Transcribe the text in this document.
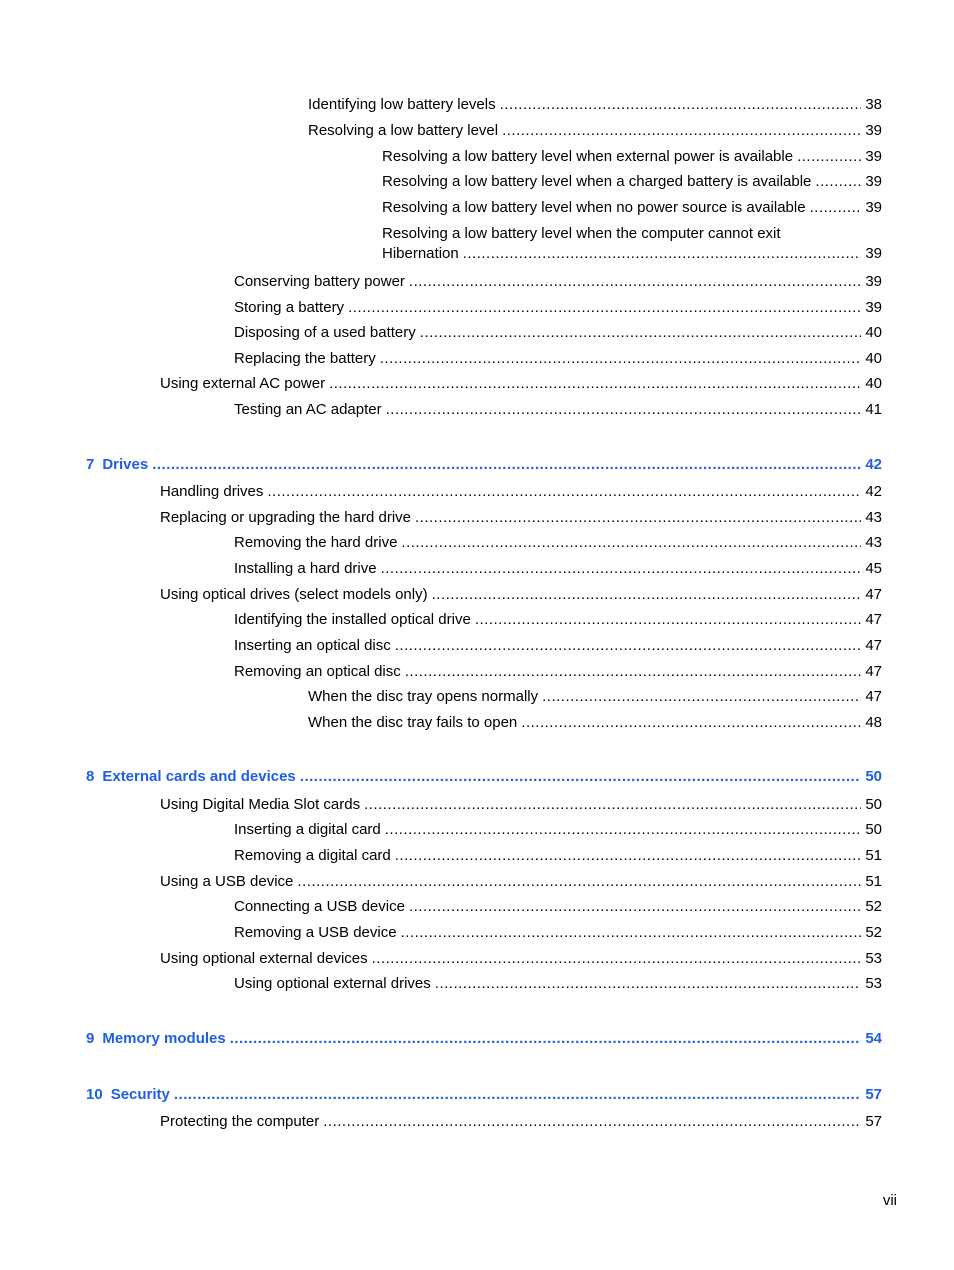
Identifying low battery levels .....	38
Resolving a low battery level .....	39
Resolving a low battery level when external power is available .....	39
Resolving a low battery level when a charged battery is available .....	39
Resolving a low battery level when no power source is available .....	39
Resolving a low battery level when the computer cannot exit
Hibernation .....	39
Conserving battery power .....	39
Storing a battery .....	39
Disposing of a used battery .....	40
Replacing the battery .....	40
Using external AC power .....	40
Testing an AC adapter .....	41
7 Drives .....	42
Handling drives .....	42
Replacing or upgrading the hard drive .....	43
Removing the hard drive .....	43
Installing a hard drive .....	45
Using optical drives (select models only) .....	47
Identifying the installed optical drive .....	47
Inserting an optical disc .....	47
Removing an optical disc .....	47
When the disc tray opens normally .....	47
When the disc tray fails to open .....	48
8 External cards and devices .....	50
Using Digital Media Slot cards .....	50
Inserting a digital card .....	50
Removing a digital card .....	51
Using a USB device .....	51
Connecting a USB device .....	52
Removing a USB device .....	52
Using optional external devices .....	53
Using optional external drives .....	53
9 Memory modules .....	54
10 Security .....	57
Protecting the computer .....	57
vii
